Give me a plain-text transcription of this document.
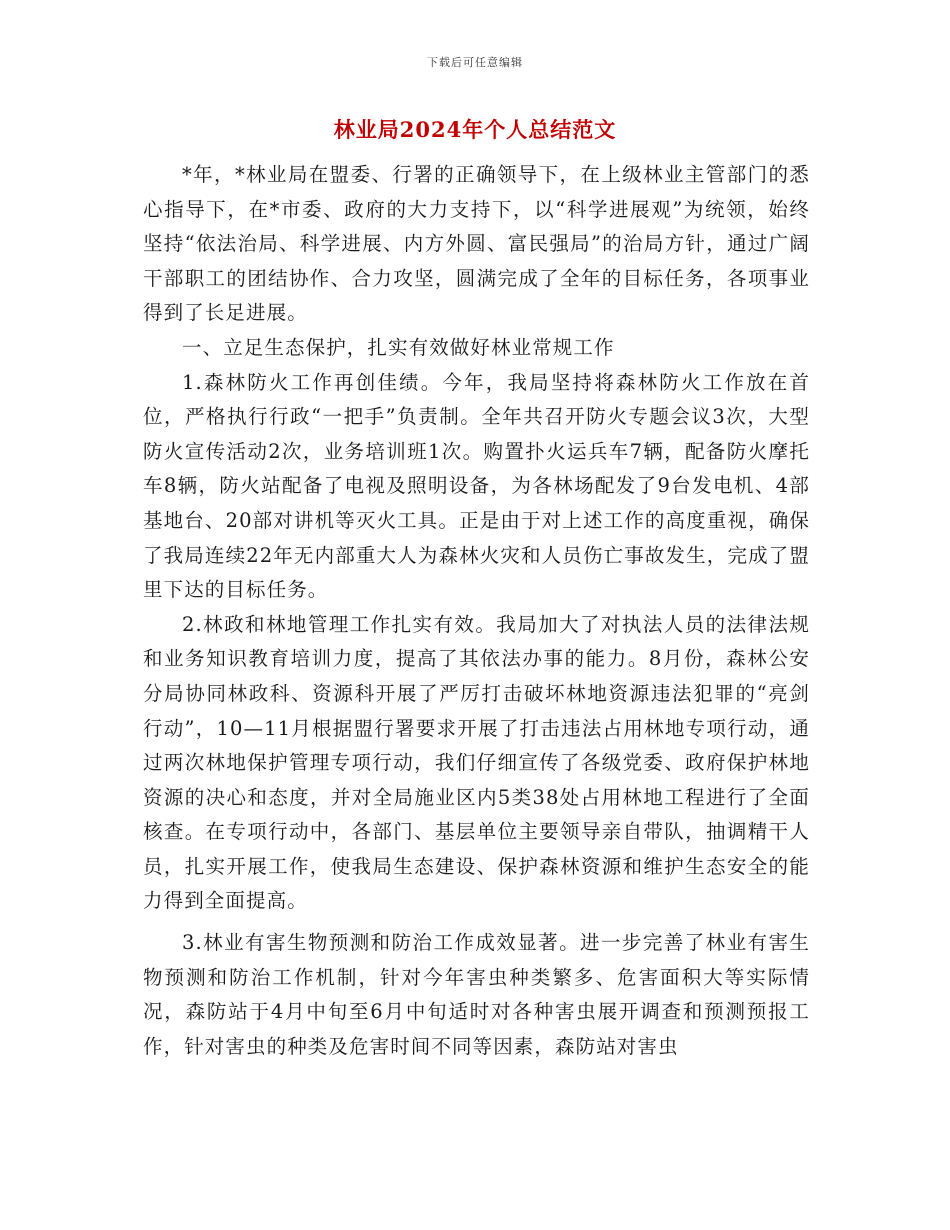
下载后可任意编辑
林业局2024年个人总结范文

*年，*林业局在盟委、行署的正确领导下，在上级林业主管部门的悉心指导下，在*市委、政府的大力支持下，以“科学进展观”为统领，始终坚持“依法治局、科学进展、内方外圆、富民强局”的治局方针，通过广阔干部职工的团结协作、合力攻坚，圆满完成了全年的目标任务，各项事业得到了长足进展。

一、立足生态保护，扎实有效做好林业常规工作

1.森林防火工作再创佳绩。今年，我局坚持将森林防火工作放在首位，严格执行行政“一把手”负责制。全年共召开防火专题会议3次，大型防火宣传活动2次，业务培训班1次。购置扑火运兵车7辆，配备防火摩托车8辆，防火站配备了电视及照明设备，为各林场配发了9台发电机、4部基地台、20部对讲机等灭火工具。正是由于对上述工作的高度重视，确保了我局连续22年无内部重大人为森林火灾和人员伤亡事故发生，完成了盟里下达的目标任务。

2.林政和林地管理工作扎实有效。我局加大了对执法人员的法律法规和业务知识教育培训力度，提高了其依法办事的能力。8月份，森林公安分局协同林政科、资源科开展了严厉打击破坏林地资源违法犯罪的“亮剑行动”，10—11月根据盟行署要求开展了打击违法占用林地专项行动，通过两次林地保护管理专项行动，我们仔细宣传了各级党委、政府保护林地资源的决心和态度，并对全局施业区内5类38处占用林地工程进行了全面核查。在专项行动中，各部门、基层单位主要领导亲自带队，抽调精干人员，扎实开展工作，使我局生态建设、保护森林资源和维护生态安全的能力得到全面提高。

3.林业有害生物预测和防治工作成效显著。进一步完善了林业有害生物预测和防治工作机制，针对今年害虫种类繁多、危害面积大等实际情况，森防站于4月中旬至6月中旬适时对各种害虫展开调查和预测预报工作，针对害虫的种类及危害时间不同等因素，森防站对害虫
